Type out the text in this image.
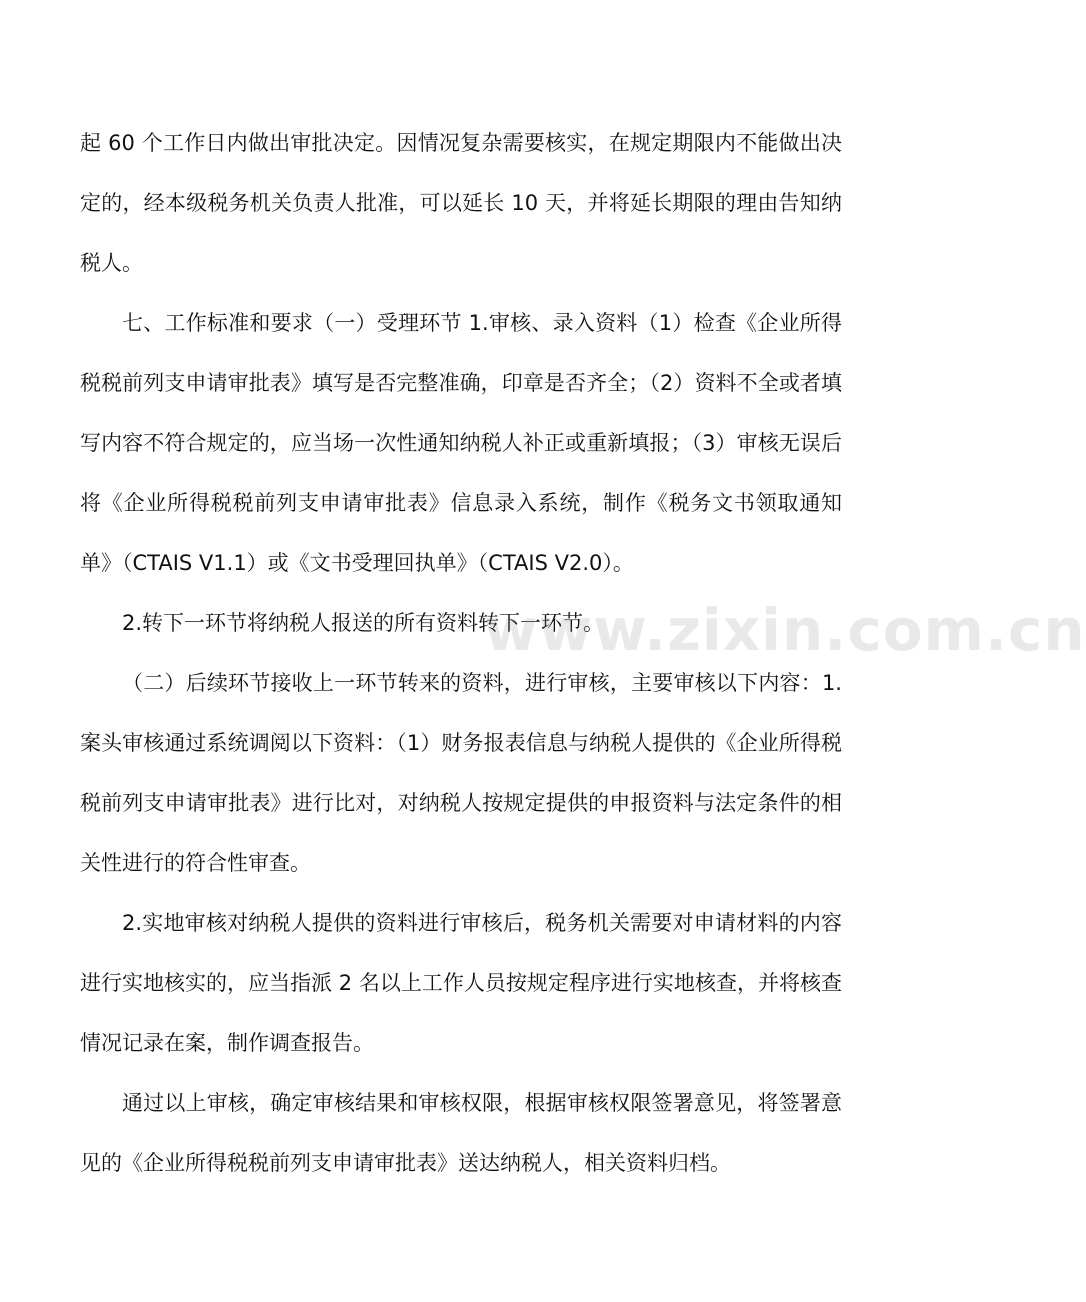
起 60 个工作日内做出审批决定。因情况复杂需要核实，在规定期限内不能做出决定的，经本级税务机关负责人批准，可以延长 10 天，并将延长期限的理由告知纳税人。

七、工作标准和要求（一）受理环节 1.审核、录入资料（1）检查《企业所得税税前列支申请审批表》填写是否完整准确，印章是否齐全；（2）资料不全或者填写内容不符合规定的，应当场一次性通知纳税人补正或重新填报；（3）审核无误后将《企业所得税税前列支申请审批表》信息录入系统，制作《税务文书领取通知单》（CTAIS V1.1）或《文书受理回执单》（CTAIS V2.0）。

2.转下一环节将纳税人报送的所有资料转下一环节。

（二）后续环节接收上一环节转来的资料，进行审核，主要审核以下内容：1.案头审核通过系统调阅以下资料：（1）财务报表信息与纳税人提供的《企业所得税税前列支申请审批表》进行比对，对纳税人按规定提供的申报资料与法定条件的相关性进行的符合性审查。

2.实地审核对纳税人提供的资料进行审核后，税务机关需要对申请材料的内容进行实地核实的，应当指派 2 名以上工作人员按规定程序进行实地核查，并将核查情况记录在案，制作调查报告。

通过以上审核，确定审核结果和审核权限，根据审核权限签署意见，将签署意见的《企业所得税税前列支申请审批表》送达纳税人，相关资料归档。

www.zixin.com.cn
